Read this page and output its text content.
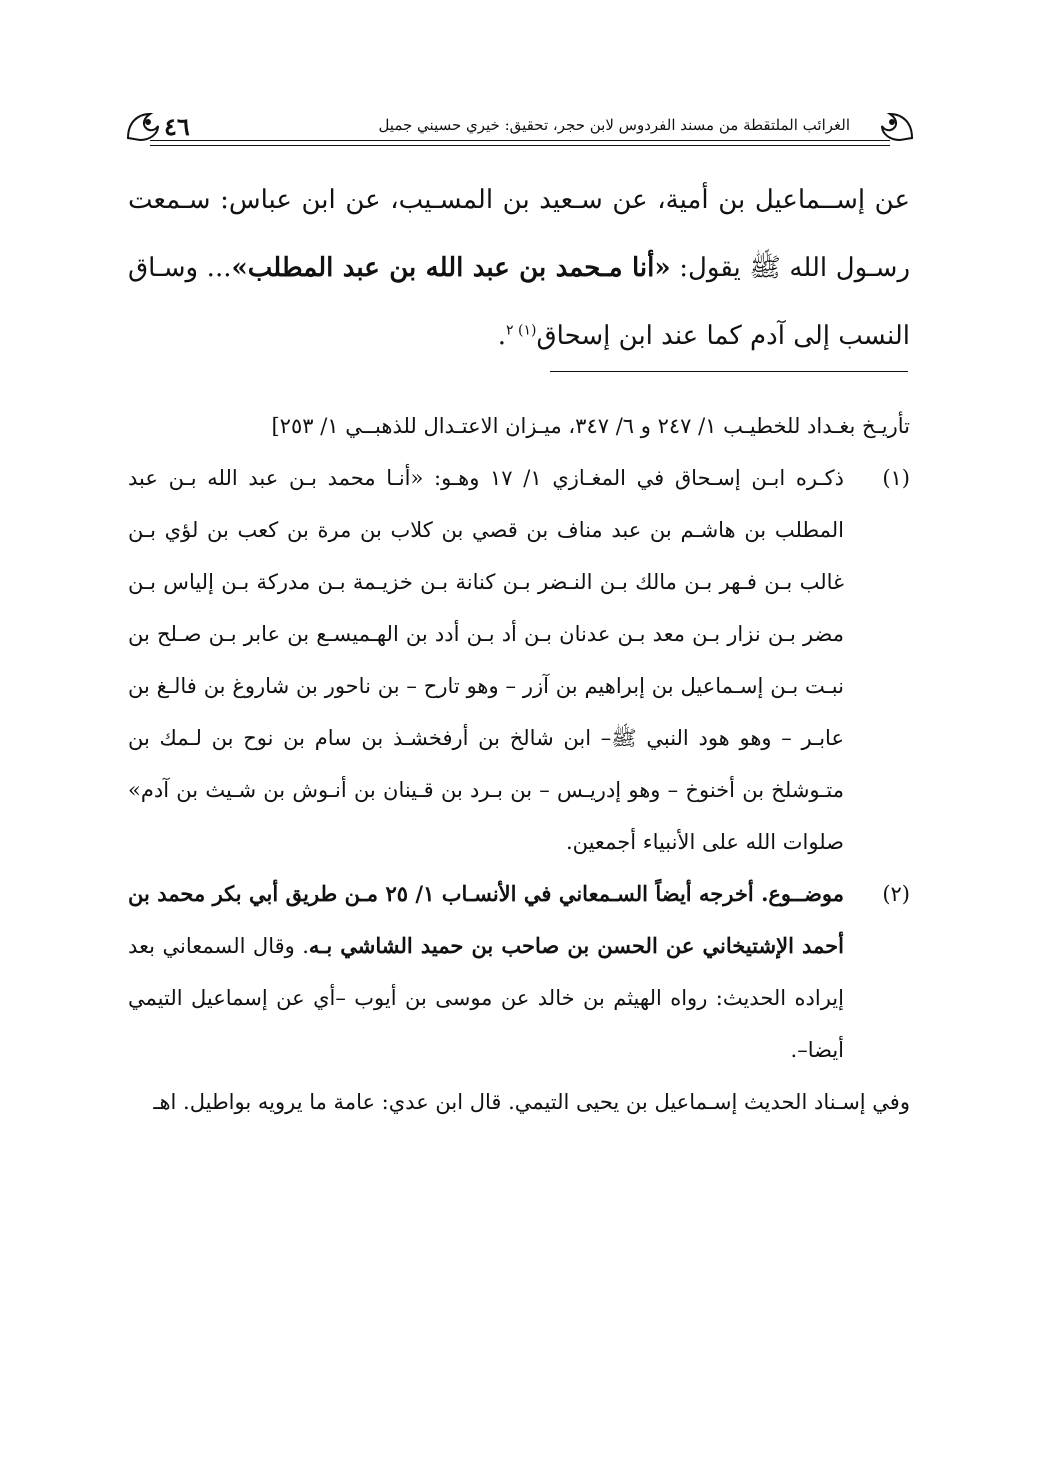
٤٦	الغرائب الملتقطة من مسند الفردوس لابن حجر، تحقيق: خيري حسيني جميل

عن إســماعيل بن أمية، عن سـعيد بن المسـيب، عن ابن عباس: سـمعت رسـول الله ﷺ يقول: «أنا مـحمد بن عبد الله بن عبد المطلب»... وسـاق النسب إلى آدم كما عند ابن إسحاق$^{(١) ٢}$.

تأريـخ بغـداد للخطيـب ١/ ٢٤٧ و ٦/ ٣٤٧، ميـزان الاعتـدال للذهبــي ١/ ٢٥٣]

(١)
ذكـره ابـن إسـحاق في المغـازي ١/ ١٧ وهـو: «أنـا محمد بـن عبد الله بـن عبد المطلب بن هاشـم بن عبد مناف بن قصي بن كلاب بن مرة بن كعب بن لؤي بـن غالب بـن فـهر بـن مالك بـن النـضر بـن كنانة بـن خزيـمة بـن مدركة بـن إلياس بـن مضر بـن نزار بـن معد بـن عدنان بـن أد بـن أدد بن الهـميسـع بن عابر بـن صـلح بن نبـت بـن إسـماعيل بن إبراهيم بن آزر – وهو تارح – بن ناحور بن شاروغ بن فالـغ بن عابـر – وهو هود النبي ﷺ– ابن شالخ بن أرفخشـذ بن سام بن نوح بن لـمك بن متـوشلخ بن أخنوخ – وهو إدريـس – بن بـرد بن قـينان بن أنـوش بن شـيث بن آدم» صلوات الله على الأنبياء أجمعين.
(٢)
موضــوع. أخرجه أيضاً السـمعاني في الأنسـاب ١/ ٢٥ مـن طريق أبي بكر محمد بن أحمد الإشتيخاني عن الحسن بن صاحب بن حميد الشاشي بـه. وقال السمعاني بعد إيراده الحديث: رواه الهيثم بن خالد عن موسى بن أيوب –أي عن إسماعيل التيمي أيضا–.

وفي إسـناد الحديث إسـماعيل بن يحيى التيمي. قال ابن عدي: عامة ما يرويه بواطيل. اهـ
